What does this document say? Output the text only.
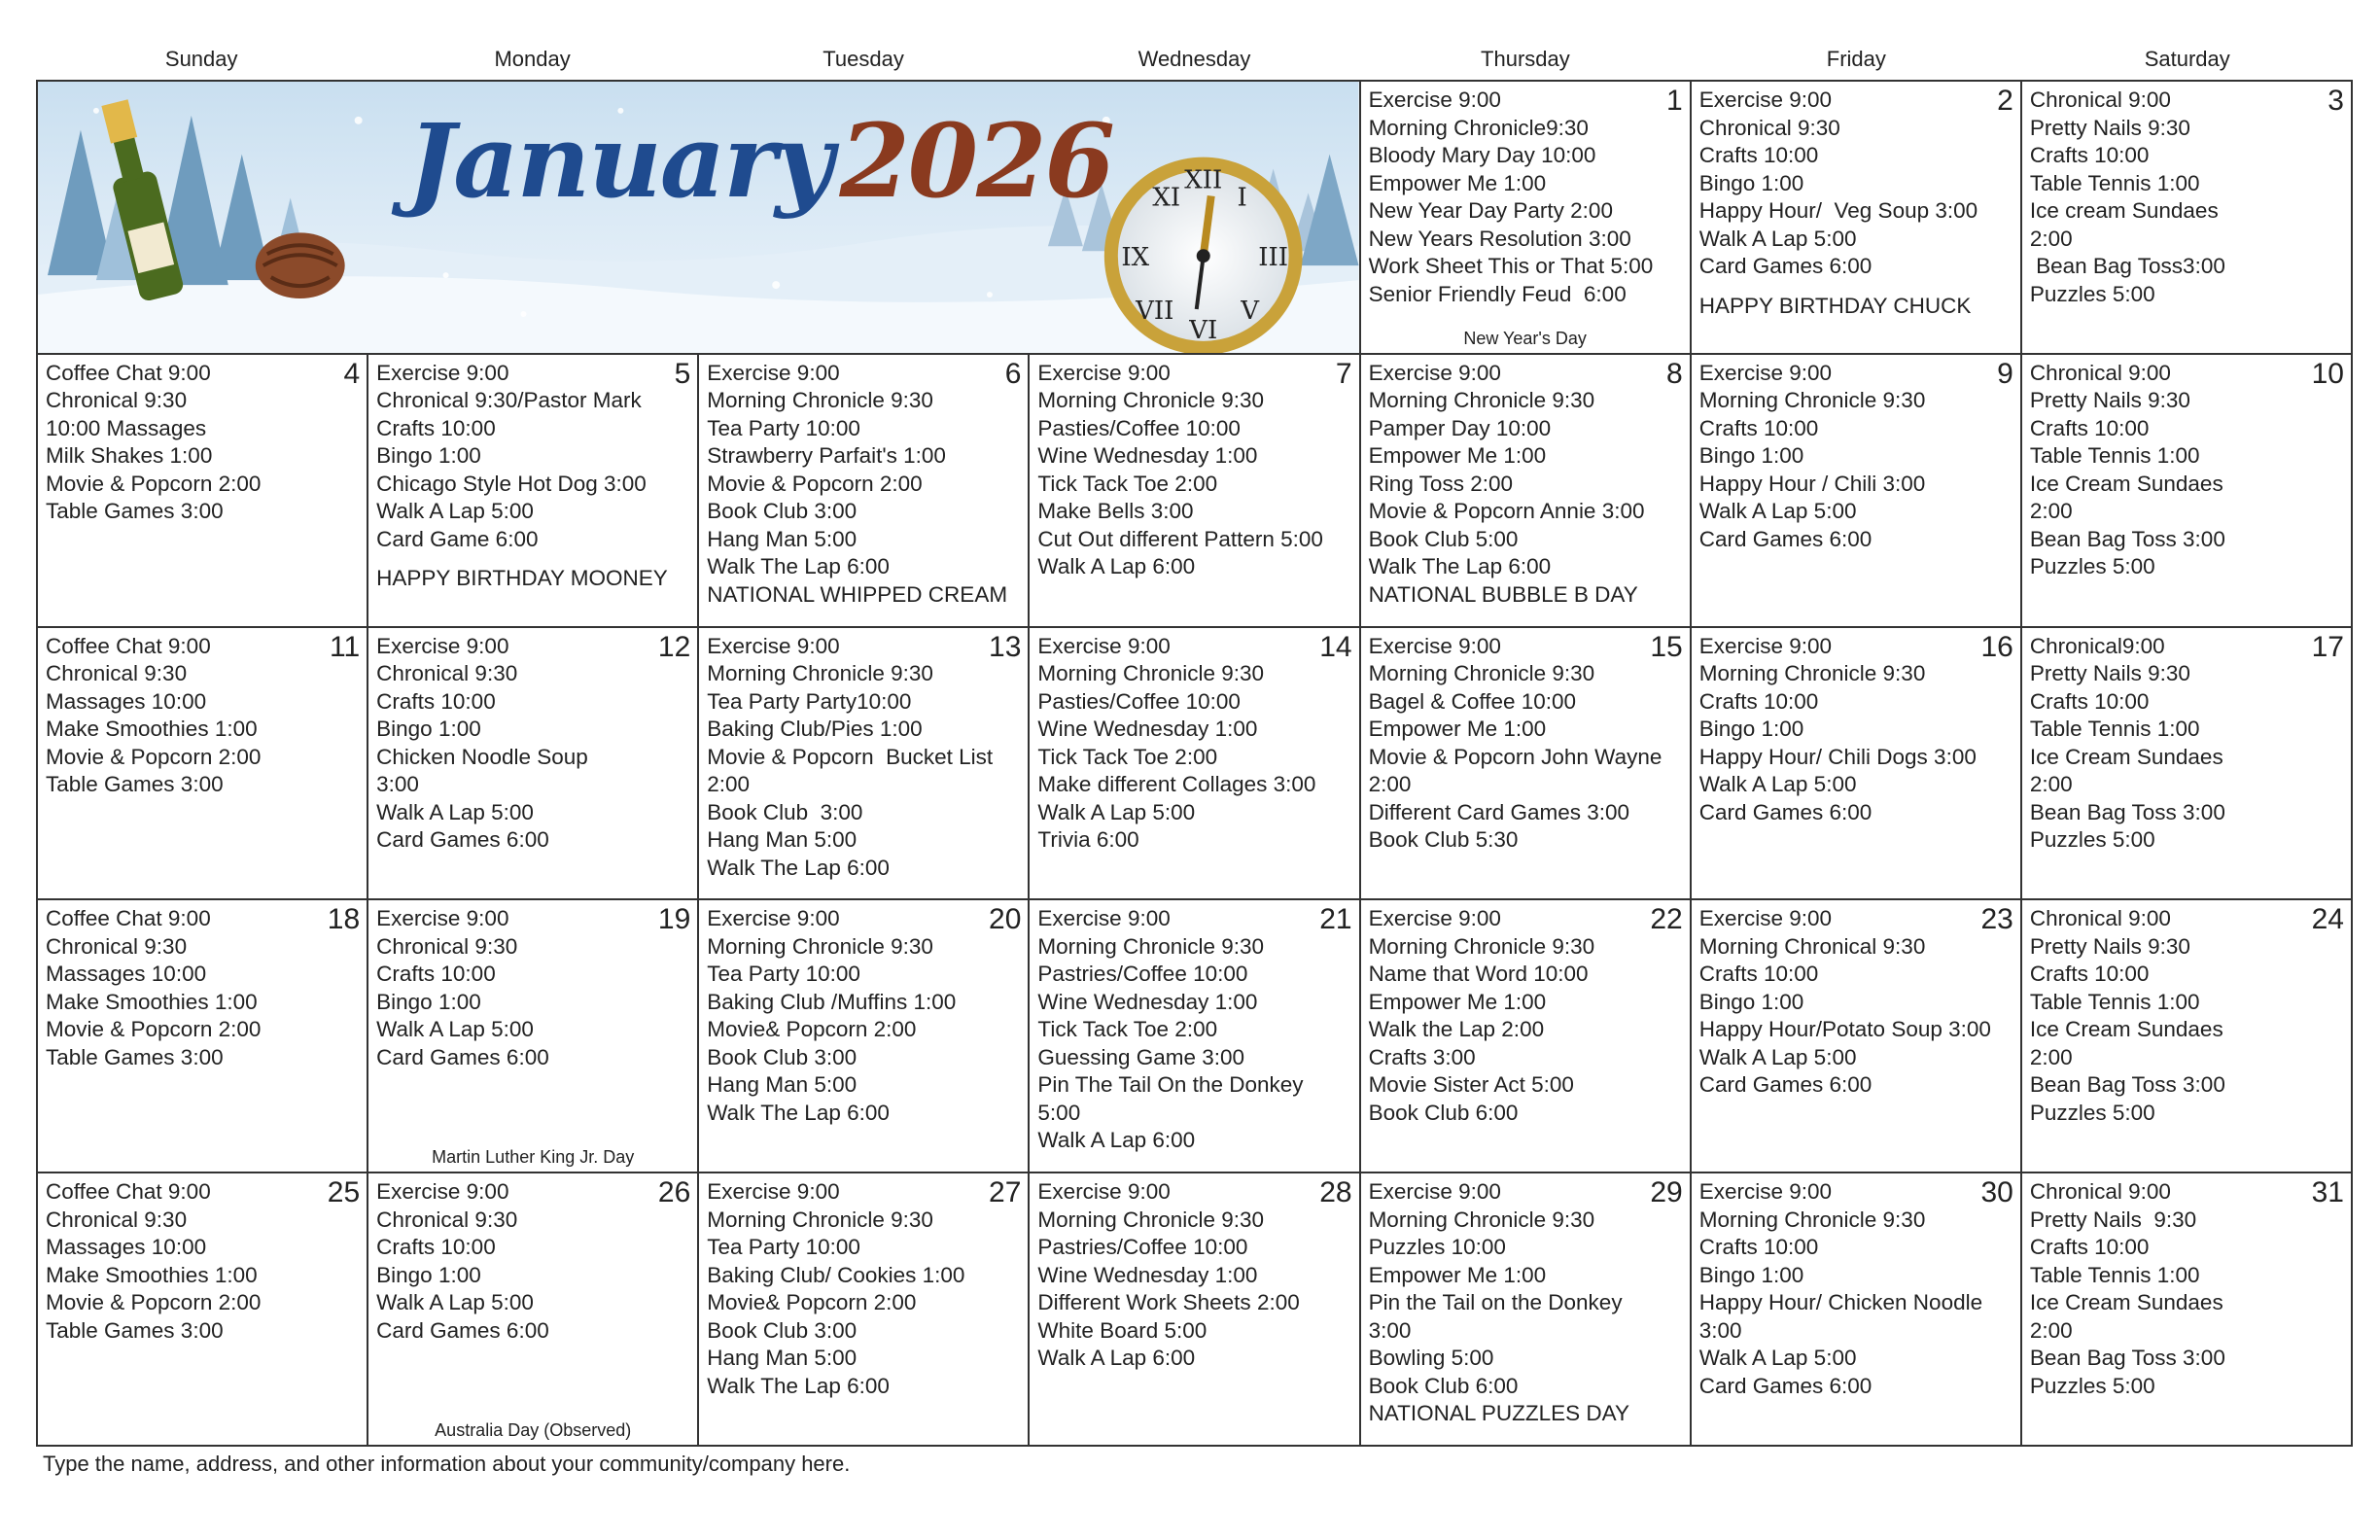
Sunday	Monday	Tuesday	Wednesday	Thursday	Friday	Saturday
XII
III
VI
IX
I
XI
V
VII
January2026
1
Exercise 9:00
Morning Chronicle9:30
Bloody Mary Day 10:00
Empower Me 1:00
New Year Day Party 2:00
New Years Resolution 3:00
Work Sheet This or That 5:00
Senior Friendly Feud  6:00
New Year's Day
2
Exercise 9:00
Chronical 9:30
Crafts 10:00
Bingo 1:00
Happy Hour/  Veg Soup 3:00
Walk A Lap 5:00
Card Games 6:00
HAPPY BIRTHDAY CHUCK
3
Chronical 9:00
Pretty Nails 9:30
Crafts 10:00
Table Tennis 1:00
Ice cream Sundaes
2:00
Bean Bag Toss3:00
Puzzles 5:00
4
Coffee Chat 9:00
Chronical 9:30
10:00 Massages
Milk Shakes 1:00
Movie & Popcorn 2:00
Table Games 3:00
5
Exercise 9:00
Chronical 9:30/Pastor Mark
Crafts 10:00
Bingo 1:00
Chicago Style Hot Dog 3:00
Walk A Lap 5:00
Card Game 6:00
HAPPY BIRTHDAY MOONEY
6
Exercise 9:00
Morning Chronicle 9:30
Tea Party 10:00
Strawberry Parfait's 1:00
Movie & Popcorn 2:00
Book Club 3:00
Hang Man 5:00
Walk The Lap 6:00
NATIONAL WHIPPED CREAM
7
Exercise 9:00
Morning Chronicle 9:30
Pasties/Coffee 10:00
Wine Wednesday 1:00
Tick Tack Toe 2:00
Make Bells 3:00
Cut Out different Pattern 5:00
Walk A Lap 6:00
8
Exercise 9:00
Morning Chronicle 9:30
Pamper Day 10:00
Empower Me 1:00
Ring Toss 2:00
Movie & Popcorn Annie 3:00
Book Club 5:00
Walk The Lap 6:00
NATIONAL BUBBLE B DAY
9
Exercise 9:00
Morning Chronicle 9:30
Crafts 10:00
Bingo 1:00
Happy Hour / Chili 3:00
Walk A Lap 5:00
Card Games 6:00
10
Chronical 9:00
Pretty Nails 9:30
Crafts 10:00
Table Tennis 1:00
Ice Cream Sundaes
2:00
Bean Bag Toss 3:00
Puzzles 5:00
11
Coffee Chat 9:00
Chronical 9:30
Massages 10:00
Make Smoothies 1:00
Movie & Popcorn 2:00
Table Games 3:00
12
Exercise 9:00
Chronical 9:30
Crafts 10:00
Bingo 1:00
Chicken Noodle Soup
3:00
Walk A Lap 5:00
Card Games 6:00
13
Exercise 9:00
Morning Chronicle 9:30
Tea Party Party10:00
Baking Club/Pies 1:00
Movie & Popcorn  Bucket List
2:00
Book Club  3:00
Hang Man 5:00
Walk The Lap 6:00
14
Exercise 9:00
Morning Chronicle 9:30
Pasties/Coffee 10:00
Wine Wednesday 1:00
Tick Tack Toe 2:00
Make different Collages 3:00
Walk A Lap 5:00
Trivia 6:00
15
Exercise 9:00
Morning Chronicle 9:30
Bagel & Coffee 10:00
Empower Me 1:00
Movie & Popcorn John Wayne
2:00
Different Card Games 3:00
Book Club 5:30
16
Exercise 9:00
Morning Chronicle 9:30
Crafts 10:00
Bingo 1:00
Happy Hour/ Chili Dogs 3:00
Walk A Lap 5:00
Card Games 6:00
17
Chronical9:00
Pretty Nails 9:30
Crafts 10:00
Table Tennis 1:00
Ice Cream Sundaes
2:00
Bean Bag Toss 3:00
Puzzles 5:00
18
Coffee Chat 9:00
Chronical 9:30
Massages 10:00
Make Smoothies 1:00
Movie & Popcorn 2:00
Table Games 3:00
19
Exercise 9:00
Chronical 9:30
Crafts 10:00
Bingo 1:00
Walk A Lap 5:00
Card Games 6:00
Martin Luther King Jr. Day
20
Exercise 9:00
Morning Chronicle 9:30
Tea Party 10:00
Baking Club /Muffins 1:00
Movie& Popcorn 2:00
Book Club 3:00
Hang Man 5:00
Walk The Lap 6:00
21
Exercise 9:00
Morning Chronicle 9:30
Pastries/Coffee 10:00
Wine Wednesday 1:00
Tick Tack Toe 2:00
Guessing Game 3:00
Pin The Tail On the Donkey
5:00
Walk A Lap 6:00
22
Exercise 9:00
Morning Chronicle 9:30
Name that Word 10:00
Empower Me 1:00
Walk the Lap 2:00
Crafts 3:00
Movie Sister Act 5:00
Book Club 6:00
23
Exercise 9:00
Morning Chronical 9:30
Crafts 10:00
Bingo 1:00
Happy Hour/Potato Soup 3:00
Walk A Lap 5:00
Card Games 6:00
24
Chronical 9:00
Pretty Nails 9:30
Crafts 10:00
Table Tennis 1:00
Ice Cream Sundaes
2:00
Bean Bag Toss 3:00
Puzzles 5:00
25
Coffee Chat 9:00
Chronical 9:30
Massages 10:00
Make Smoothies 1:00
Movie & Popcorn 2:00
Table Games 3:00
26
Exercise 9:00
Chronical 9:30
Crafts 10:00
Bingo 1:00
Walk A Lap 5:00
Card Games 6:00
Australia Day (Observed)
27
Exercise 9:00
Morning Chronicle 9:30
Tea Party 10:00
Baking Club/ Cookies 1:00
Movie& Popcorn 2:00
Book Club 3:00
Hang Man 5:00
Walk The Lap 6:00
28
Exercise 9:00
Morning Chronicle 9:30
Pastries/Coffee 10:00
Wine Wednesday 1:00
Different Work Sheets 2:00
White Board 5:00
Walk A Lap 6:00
29
Exercise 9:00
Morning Chronicle 9:30
Puzzles 10:00
Empower Me 1:00
Pin the Tail on the Donkey
3:00
Bowling 5:00
Book Club 6:00
NATIONAL PUZZLES DAY
30
Exercise 9:00
Morning Chronicle 9:30
Crafts 10:00
Bingo 1:00
Happy Hour/ Chicken Noodle
3:00
Walk A Lap 5:00
Card Games 6:00
31
Chronical 9:00
Pretty Nails  9:30
Crafts 10:00
Table Tennis 1:00
Ice Cream Sundaes
2:00
Bean Bag Toss 3:00
Puzzles 5:00
Type the name, address, and other information about your community/company here.
